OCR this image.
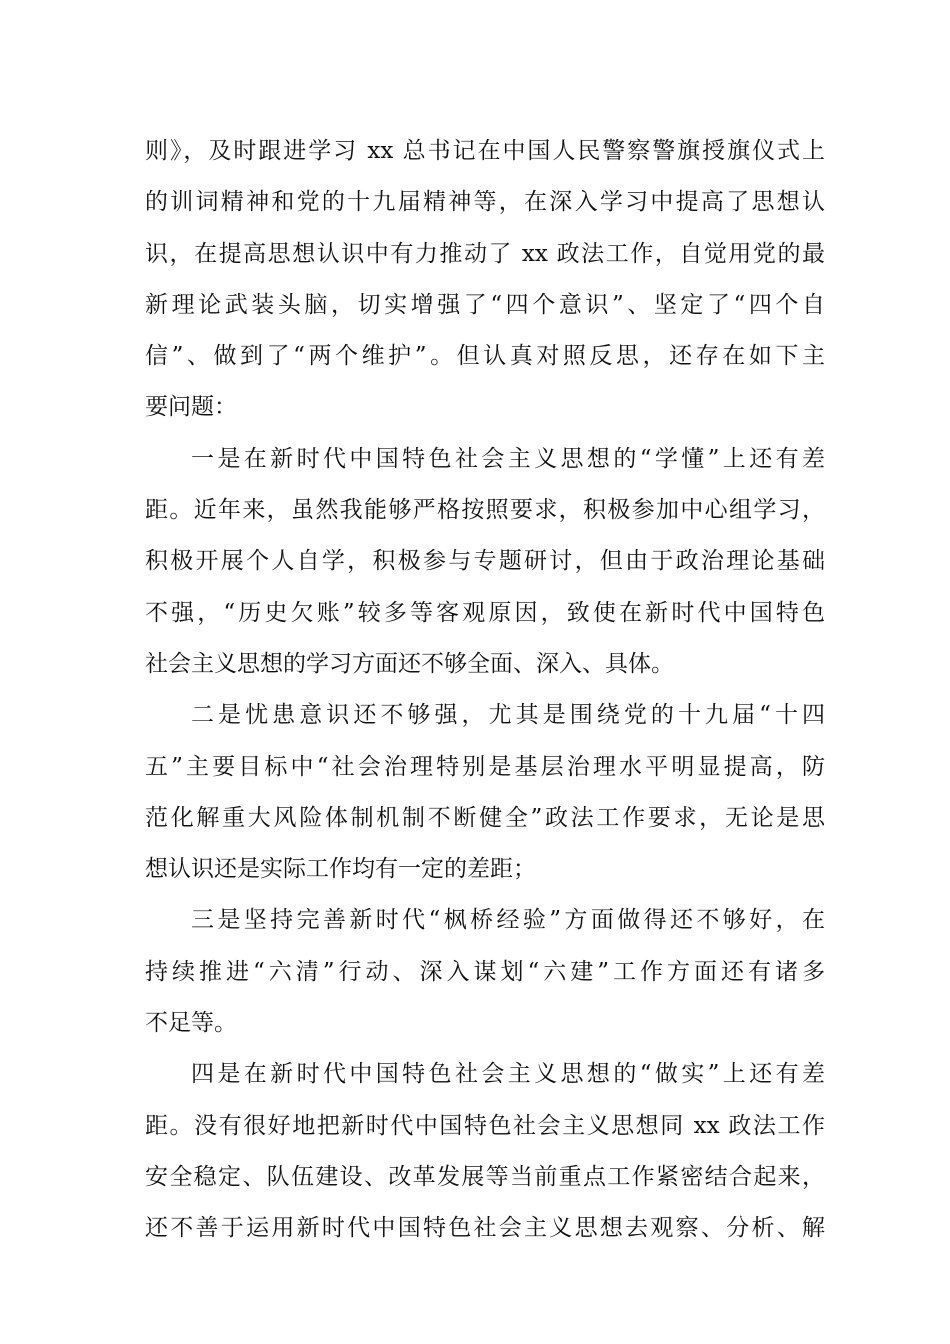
则》，及时跟进学习 xx 总书记在中国人民警察警旗授旗仪式上
的训词精神和党的十九届精神等，在深入学习中提高了思想认
识，在提高思想认识中有力推动了 xx 政法工作，自觉用党的最
新理论武装头脑，切实增强了“四个意识”、坚定了“四个自
信”、做到了“两个维护”。但认真对照反思，还存在如下主
要问题：
一是在新时代中国特色社会主义思想的“学懂”上还有差
距。近年来，虽然我能够严格按照要求，积极参加中心组学习，
积极开展个人自学，积极参与专题研讨，但由于政治理论基础
不强，“历史欠账”较多等客观原因，致使在新时代中国特色
社会主义思想的学习方面还不够全面、深入、具体。
二是忧患意识还不够强，尤其是围绕党的十九届“十四
五”主要目标中“社会治理特别是基层治理水平明显提高，防
范化解重大风险体制机制不断健全”政法工作要求，无论是思
想认识还是实际工作均有一定的差距；
三是坚持完善新时代“枫桥经验”方面做得还不够好，在
持续推进“六清”行动、深入谋划“六建”工作方面还有诸多
不足等。
四是在新时代中国特色社会主义思想的“做实”上还有差
距。没有很好地把新时代中国特色社会主义思想同 xx 政法工作
安全稳定、队伍建设、改革发展等当前重点工作紧密结合起来，
还不善于运用新时代中国特色社会主义思想去观察、分析、解
